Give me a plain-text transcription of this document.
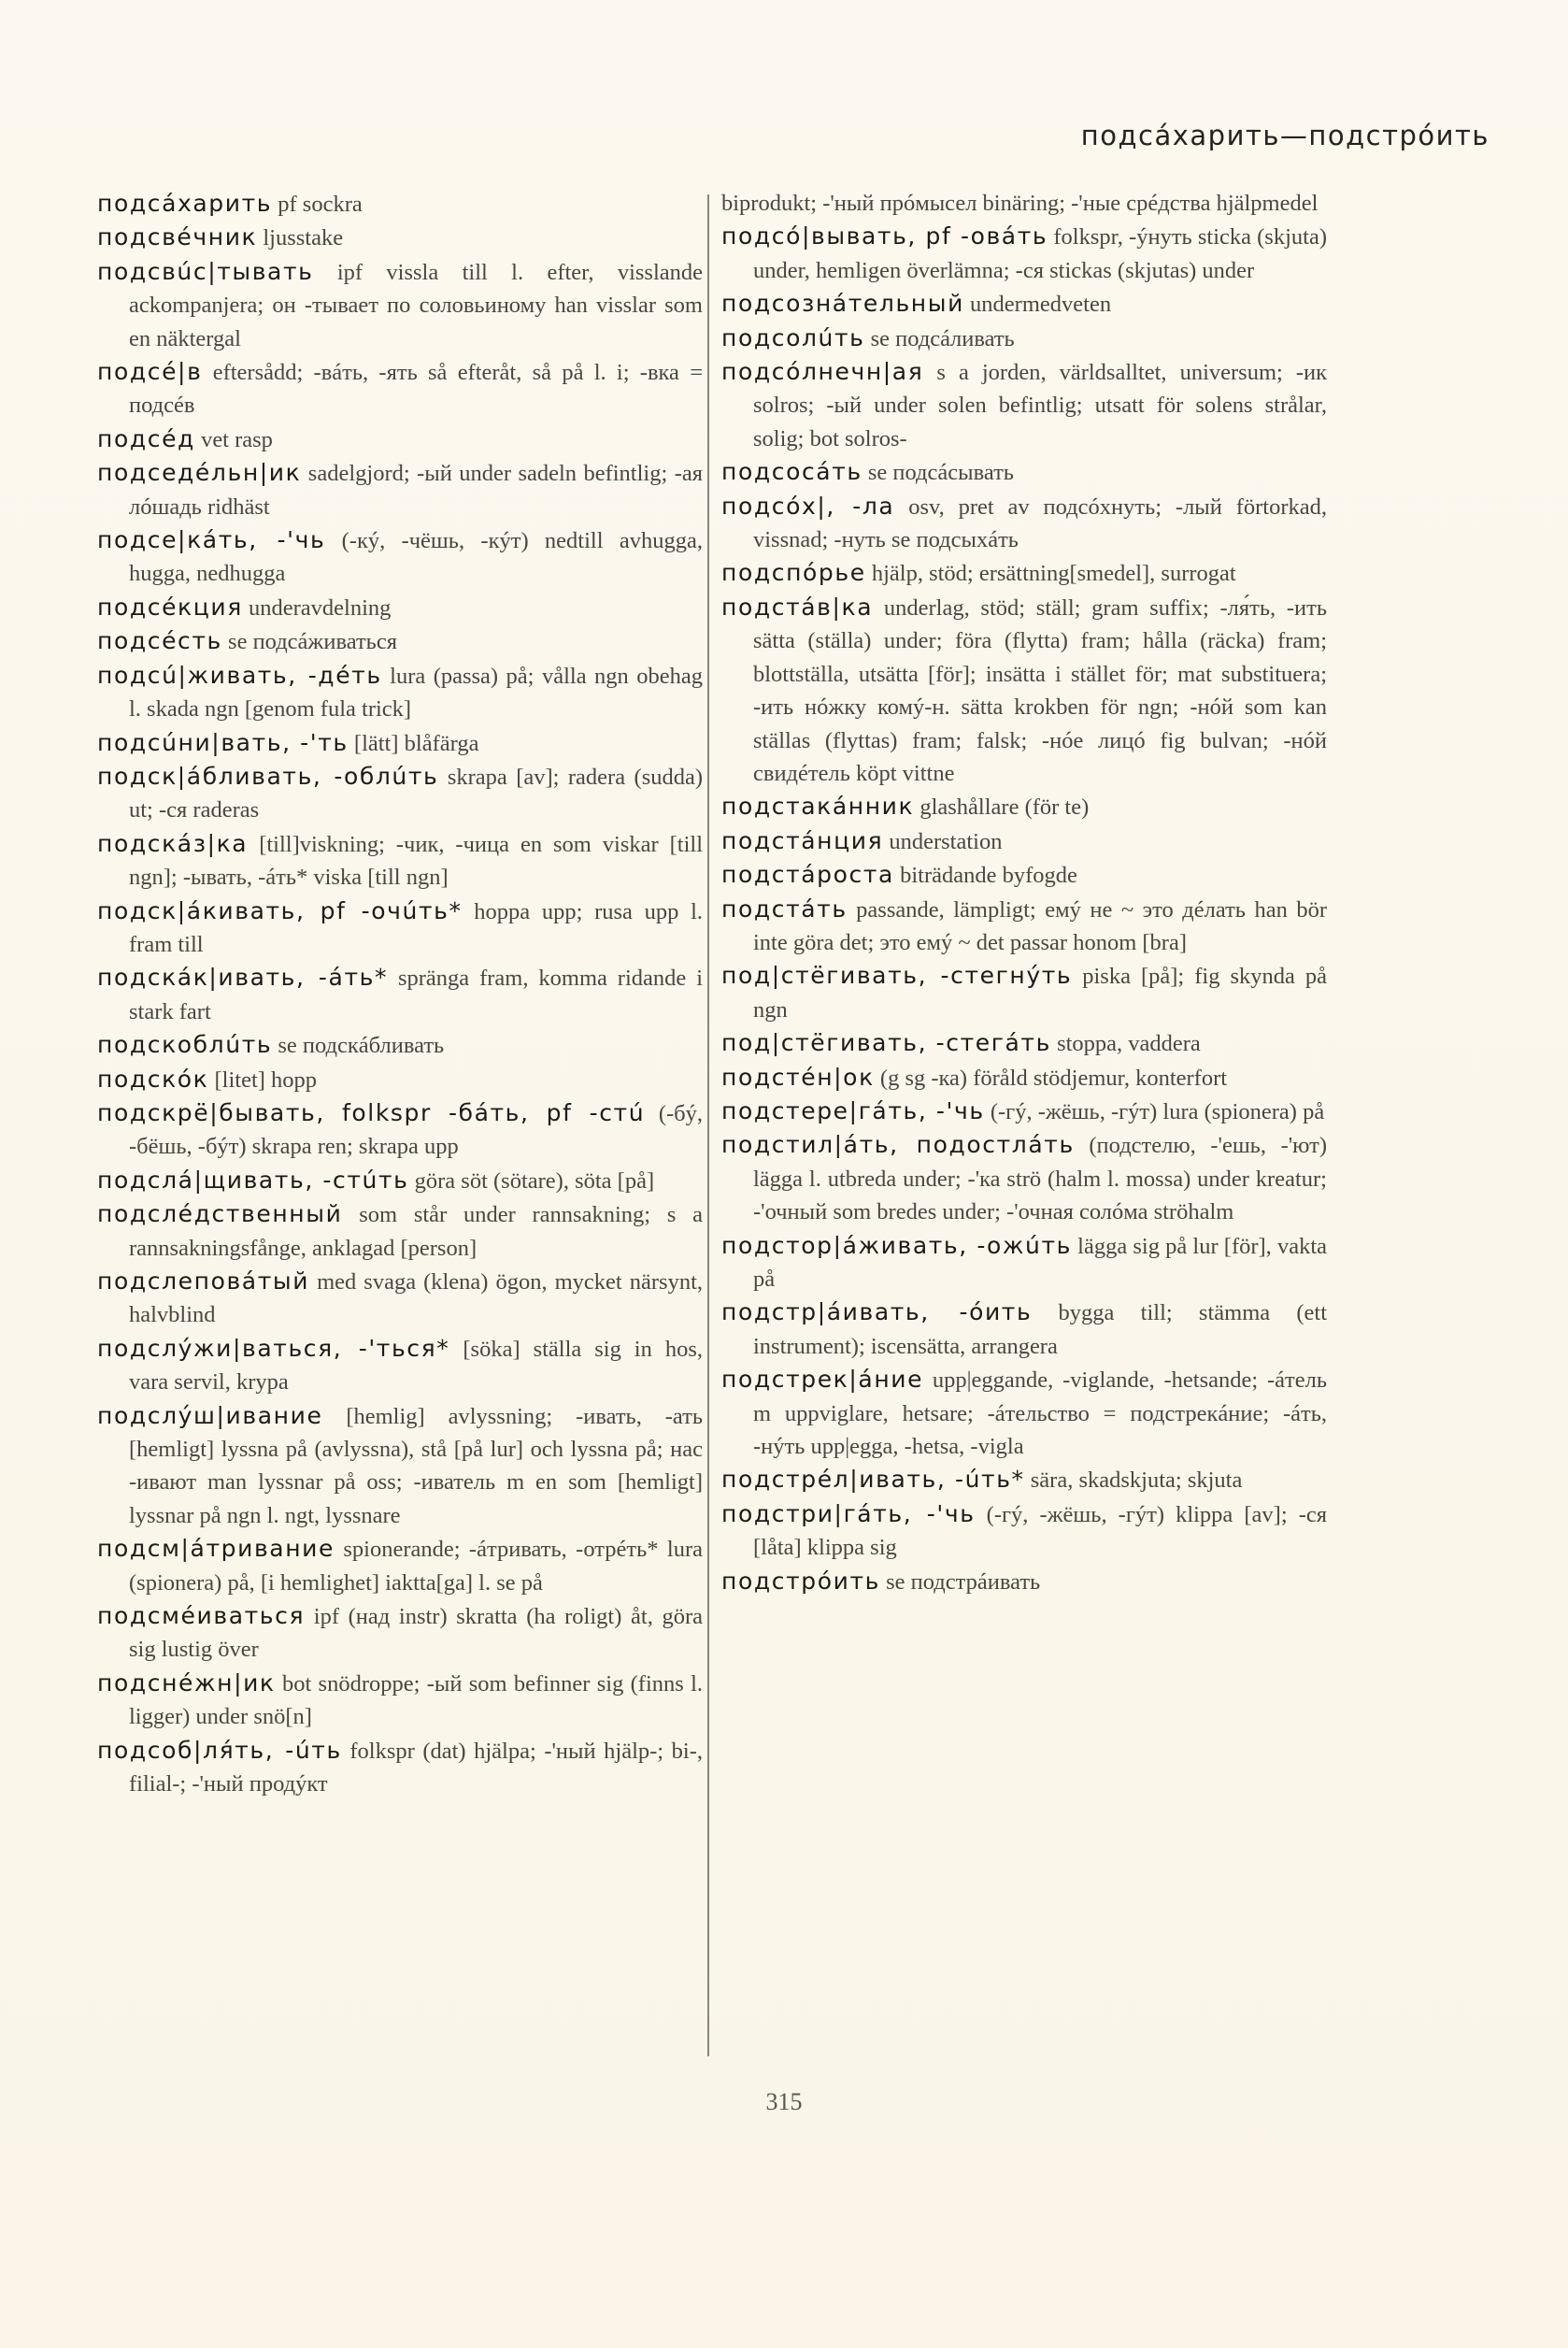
подсáхарить—подстрóить

подсáхарить pf sockra

подсвéчник ljusstake

подсвúс|тывать ipf vissla till l. efter, visslande ackompanjera; он -тывает по соловьиному han visslar som en näktergal

подсé|в eftersådd; -вáть, -ять så efteråt, så på l. i; -вка = подсéв

подсéд vet rasp

подседéльн|ик sadelgjord; -ый under sadeln befintlig; -ая лóшадь ridhäst

подсе|кáть, -'чь (-кý, -чёшь, -кýт) nedtill avhugga, hugga, nedhugga

подсéкция underavdelning

подсéсть se подсáживаться

подсú|живать, -дéть lura (passa) på; vålla ngn obehag l. skada ngn [genom fula trick]

подсúни|вать, -'ть [lätt] blåfärga

подск|áбливать, -облúть skrapa [av]; radera (sudda) ut; -ся raderas

подскáз|ка [till]viskning; -чик, -чица en som viskar [till ngn]; -ывать, -áть* viska [till ngn]

подск|áкивать, pf -очúть* hoppa upp; rusa upp l. fram till

подскáк|ивать, -áть* spränga fram, komma ridande i stark fart

подскоблúть se подскáбливать

подскóк [litet] hopp

подскрё|бывать, folkspr -бáть, pf -стú (-бý, -бёшь, -бýт) skrapa ren; skrapa upp

подслá|щивать, -стúть göra söt (sötare), söta [på]

подслéдственный som står under rannsakning; s a rannsakningsfånge, anklagad [person]

подслеповáтый med svaga (klena) ögon, mycket närsynt, halvblind

подслýжи|ваться, -'ться* [söka] ställa sig in hos, vara servil, krypa

подслýш|ивание [hemlig] avlyssning; -ивать, -ать [hemligt] lyssna på (avlyssna), stå [på lur] och lyssna på; нас -ивают man lyssnar på oss; -иватель m en som [hemligt] lyssnar på ngn l. ngt, lyssnare

подсм|áтривание spionerande; -áтривать, -отрéть* lura (spionera) på, [i hemlighet] iaktta[ga] l. se på

подсмéиваться ipf (над instr) skratta (ha roligt) åt, göra sig lustig över

подснéжн|ик bot snödroppe; -ый som befinner sig (finns l. ligger) under snö[n]

подсоб|ля́ть, -úть folkspr (dat) hjälpa; -'ный hjälp-; bi-, filial-; -'ный продýкт

biprodukt; -'ный прóмысел binäring; -'ные срéдства hjälpmedel

подсó|вывать, pf -овáть folkspr, -ýнуть sticka (skjuta) under, hemligen överlämna; -ся stickas (skjutas) under

подсознáтельный undermedveten

подсолúть se подсáливать

подсóлнечн|ая s a jorden, världsalltet, universum; -ик solros; -ый under solen befintlig; utsatt för solens strålar, solig; bot solros-

подсосáть se подсáсывать

подсóх|, -ла osv, pret av подсóхнуть; -лый förtorkad, vissnad; -нуть se подсыхáть

подспóрье hjälp, stöd; ersättning[smedel], surrogat

подстáв|ка underlag, stöd; ställ; gram suffix; -ля́ть, -ить sätta (ställa) under; föra (flytta) fram; hålla (räcka) fram; blottställa, utsätta [för]; insätta i stället för; mat substituera; -ить нóжку комý-н. sätta krokben för ngn; -нóй som kan ställas (flyttas) fram; falsk; -нóе лицó fig bulvan; -нóй свидéтель köpt vittne

подстакáнник glashållare (för te)

подстáнция understation

подстáроста biträdande byfogde

подстáть passande, lämpligt; емý не ~ это дéлать han bör inte göra det; это емý ~ det passar honom [bra]

под|стёгивать, -стегнýть piska [på]; fig skynda på ngn

под|стёгивать, -стегáть stoppa, vaddera

подстéн|ок (g sg -ка) föråld stödjemur, konterfort

подстере|гáть, -'чь (-гý, -жёшь, -гýт) lura (spionera) på

подстил|áть, подостлáть (подстелю, -'ешь, -'ют) lägga l. utbreda under; -'ка strö (halm l. mossa) under kreatur; -'очный som bredes under; -'очная солóма ströhalm

подстор|áживать, -ожúть lägga sig på lur [för], vakta på

подстр|áивать, -óить bygga till; stämma (ett instrument); iscensätta, arrangera

подстрек|áние upp|eggande, -viglande, -hetsande; -áтель m uppviglare, hetsare; -áтельство = подстрекáние; -áть, -нýть upp|egga, -hetsa, -vigla

подстрéл|ивать, -úть* sära, skadskjuta; skjuta

подстри|гáть, -'чь (-гý, -жёшь, -гýт) klippa [av]; -ся [låta] klippa sig

подстрóить se подстрáивать

315
